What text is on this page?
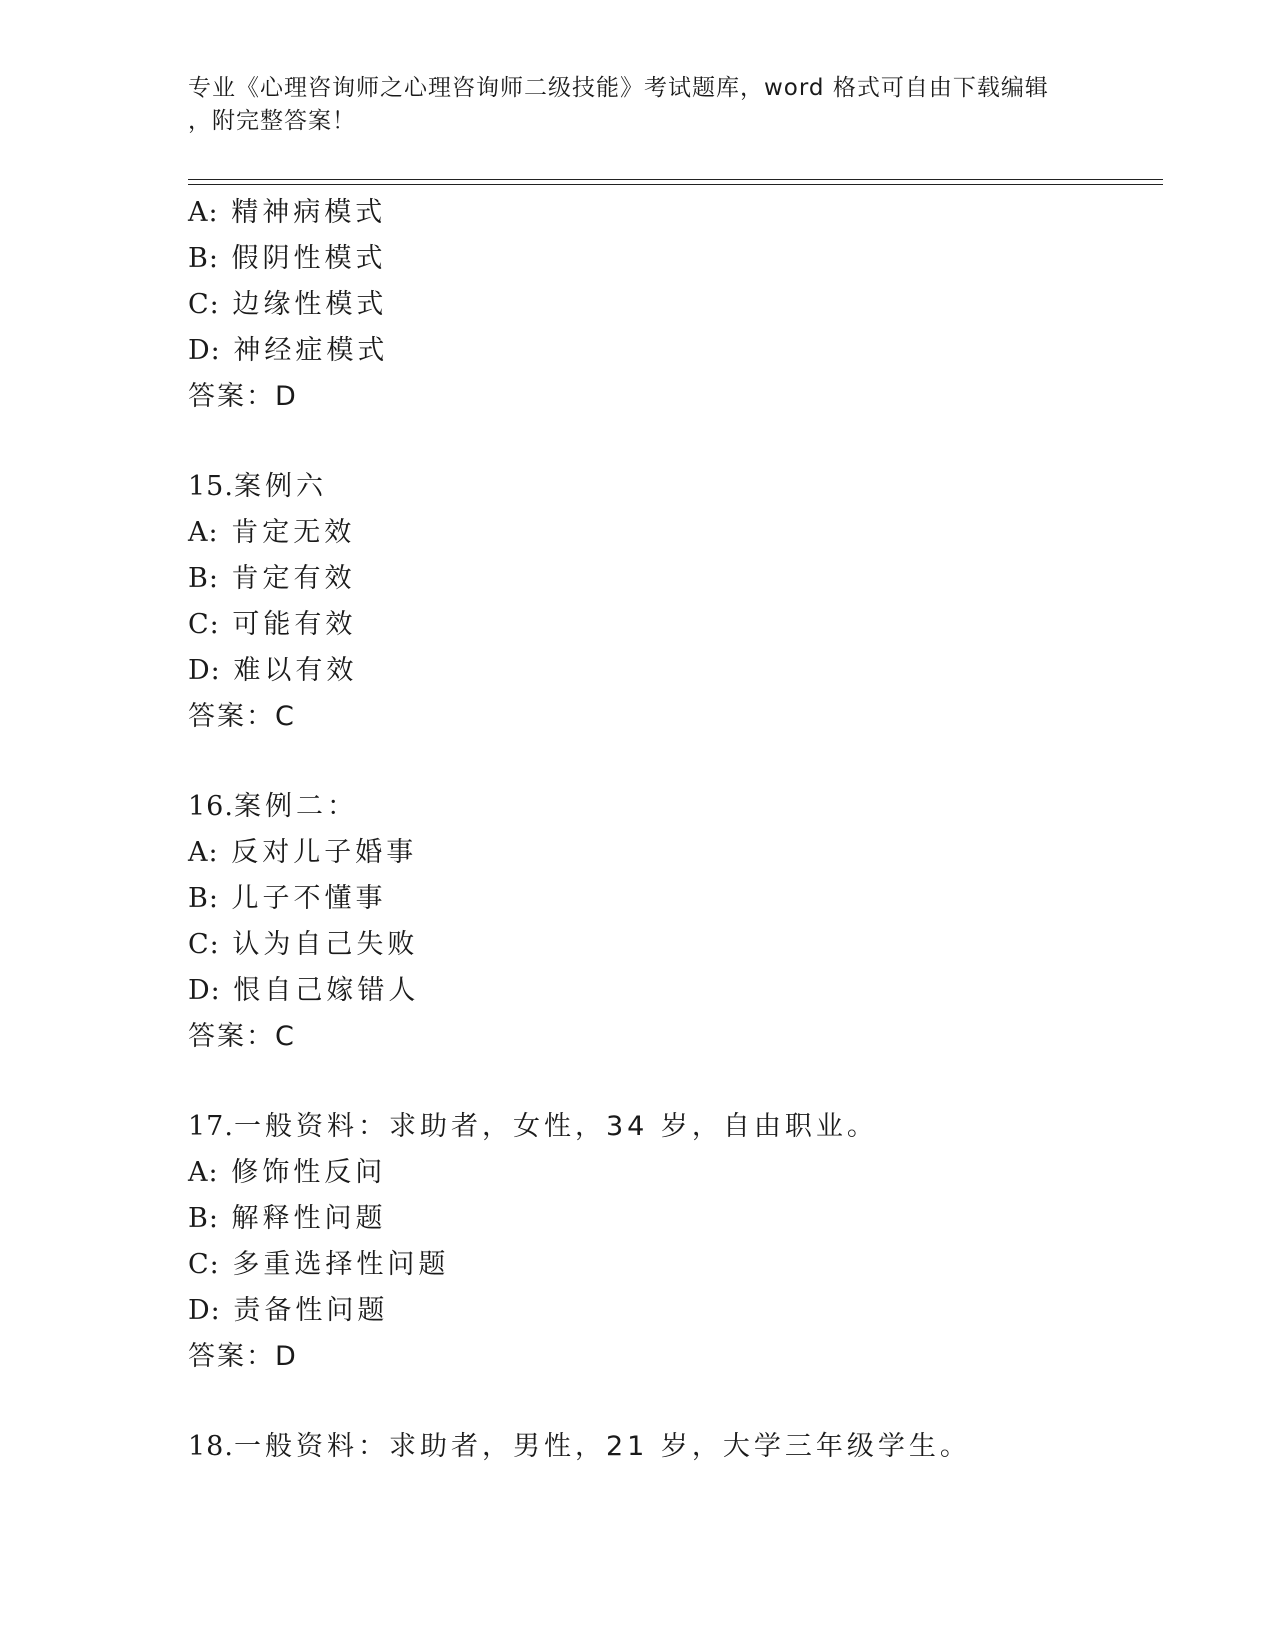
专业《心理咨询师之心理咨询师二级技能》考试题库，word 格式可自由下载编辑
，附完整答案！
A: 精神病模式
B: 假阴性模式
C: 边缘性模式
D: 神经症模式
答案：D
15.案例六
A: 肯定无效
B: 肯定有效
C: 可能有效
D: 难以有效
答案：C
16.案例二：
A: 反对儿子婚事
B: 儿子不懂事
C: 认为自己失败
D: 恨自己嫁错人
答案：C
17.一般资料：求助者，女性，34 岁，自由职业。
A: 修饰性反问
B: 解释性问题
C: 多重选择性问题
D: 责备性问题
答案：D
18.一般资料：求助者，男性，21 岁，大学三年级学生。
